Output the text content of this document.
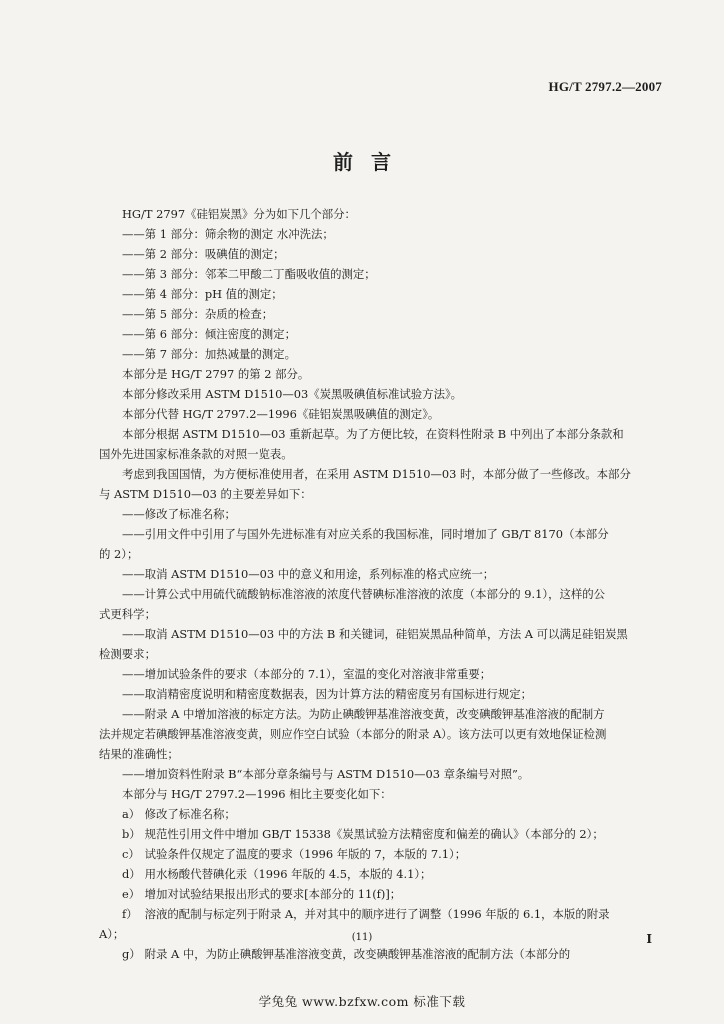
HG/T 2797.2—2007
前言

HG/T 2797《硅铝炭黑》分为如下几个部分：

——第 1 部分：筛余物的测定 水冲洗法；

——第 2 部分：吸碘值的测定；

——第 3 部分：邻苯二甲酸二丁酯吸收值的测定；

——第 4 部分：pH 值的测定；

——第 5 部分：杂质的检查；

——第 6 部分：倾注密度的测定；

——第 7 部分：加热减量的测定。

本部分是 HG/T 2797 的第 2 部分。

本部分修改采用 ASTM D1510—03《炭黑吸碘值标准试验方法》。

本部分代替 HG/T 2797.2—1996《硅铝炭黑吸碘值的测定》。

本部分根据 ASTM D1510—03 重新起草。为了方便比较，在资料性附录 B 中列出了本部分条款和

国外先进国家标准条款的对照一览表。

考虑到我国国情，为方便标准使用者，在采用 ASTM D1510—03 时，本部分做了一些修改。本部分

与 ASTM D1510—03 的主要差异如下：

——修改了标准名称；

——引用文件中引用了与国外先进标准有对应关系的我国标准，同时增加了 GB/T 8170（本部分

的 2）；

——取消 ASTM D1510—03 中的意义和用途，系列标准的格式应统一；

——计算公式中用硫代硫酸钠标准溶液的浓度代替碘标准溶液的浓度（本部分的 9.1），这样的公

式更科学；

——取消 ASTM D1510—03 中的方法 B 和关键词，硅铝炭黑品种简单，方法 A 可以满足硅铝炭黑

检测要求；

——增加试验条件的要求（本部分的 7.1），室温的变化对溶液非常重要；

——取消精密度说明和精密度数据表，因为计算方法的精密度另有国标进行规定；

——附录 A 中增加溶液的标定方法。为防止碘酸钾基准溶液变黄，改变碘酸钾基准溶液的配制方

法并规定若碘酸钾基准溶液变黄，则应作空白试验（本部分的附录 A）。该方法可以更有效地保证检测

结果的准确性；

——增加资料性附录 B“本部分章条编号与 ASTM D1510—03 章条编号对照”。

本部分与 HG/T 2797.2—1996 相比主要变化如下：

a） 修改了标准名称；

b） 规范性引用文件中增加 GB/T 15338《炭黑试验方法精密度和偏差的确认》（本部分的 2）；

c） 试验条件仅规定了温度的要求（1996 年版的 7，本版的 7.1）；

d） 用水杨酸代替碘化汞（1996 年版的 4.5，本版的 4.1）；

e） 增加对试验结果报出形式的要求[本部分的 11(f)]；

f） 溶液的配制与标定列于附录 A，并对其中的顺序进行了调整（1996 年版的 6.1，本版的附录

A）；

g） 附录 A 中，为防止碘酸钾基准溶液变黄，改变碘酸钾基准溶液的配制方法（本部分的

(11)	I
学兔兔 www.bzfxw.com 标准下载
